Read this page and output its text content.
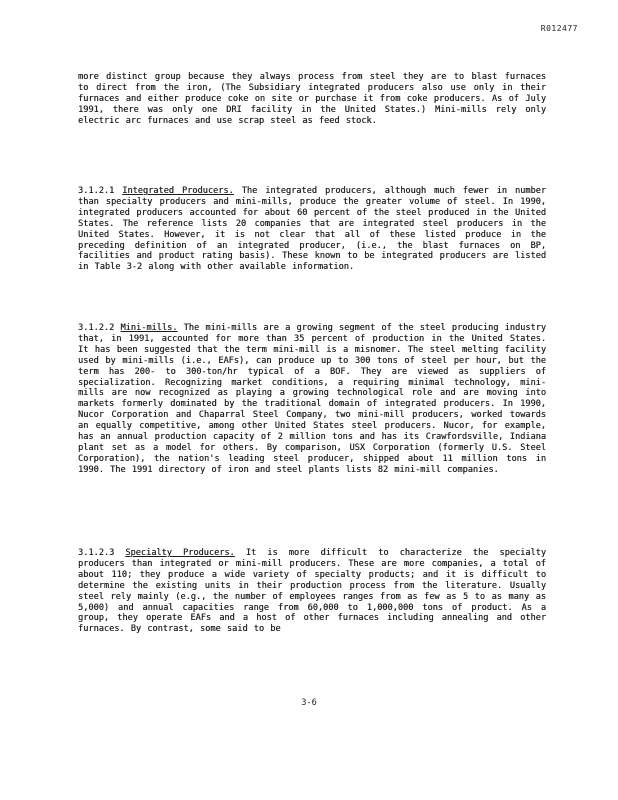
R012477

more distinct group because they always process from steel they are to blast furnaces to direct from the iron, (The Subsidiary integrated producers also use only in their furnaces and either produce coke on site or purchase it from coke producers. As of July 1991, there was only one DRI facility in the United States.) Mini-mills rely only electric arc furnaces and use scrap steel as feed stock.

3.1.2.1 Integrated Producers. The integrated producers, although much fewer in number than specialty producers and mini-mills, produce the greater volume of steel. In 1990, integrated producers accounted for about 60 percent of the steel produced in the United States. The reference lists 20 companies that are integrated steel producers in the United States. However, it is not clear that all of these listed produce in the preceding definition of an integrated producer, (i.e., the blast furnaces on BP, facilities and product rating basis). These known to be integrated producers are listed in Table 3-2 along with other available information.

3.1.2.2 Mini-mills. The mini-mills are a growing segment of the steel producing industry that, in 1991, accounted for more than 35 percent of production in the United States. It has been suggested that the term mini-mill is a misnomer. The steel melting facility used by mini-mills (i.e., EAFs), can produce up to 300 tons of steel per hour, but the term has 200- to 300-ton/hr typical of a BOF. They are viewed as suppliers of specialization. Recognizing market conditions, a requiring minimal technology, mini-mills are now recognized as playing a growing technological role and are moving into markets formerly dominated by the traditional domain of integrated producers. In 1990, Nucor Corporation and Chaparral Steel Company, two mini-mill producers, worked towards an equally competitive, among other United States steel producers. Nucor, for example, has an annual production capacity of 2 million tons and has its Crawfordsville, Indiana plant set as a model for others. By comparison, USX Corporation (formerly U.S. Steel Corporation), the nation's leading steel producer, shipped about 11 million tons in 1990. The 1991 directory of iron and steel plants lists 82 mini-mill companies.

3.1.2.3 Specialty Producers. It is more difficult to characterize the specialty producers than integrated or mini-mill producers. These are more companies, a total of about 110; they produce a wide variety of specialty products; and it is difficult to determine the existing units in their production process from the literature. Usually steel rely mainly (e.g., the number of employees ranges from as few as 5 to as many as 5,000) and annual capacities range from 60,000 to 1,000,000 tons of product. As a group, they operate EAFs and a host of other furnaces including annealing and other furnaces. By contrast, some said to be

3-6
